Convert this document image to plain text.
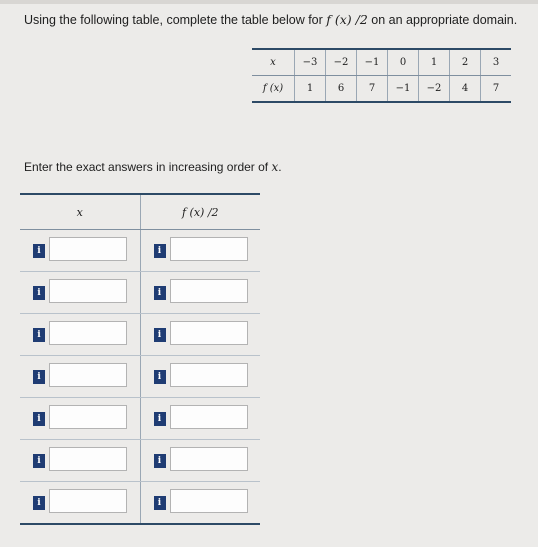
Using the following table, complete the table below for f (x) /2 on an appropriate domain.
x	−3	−2	−1	0	1	2	3
f (x)	1	6	7	−1	−2	4	7
Enter the exact answers in increasing order of x.
x	f (x) /2
i	i
i	i
i	i
i	i
i	i
i	i
i	i
